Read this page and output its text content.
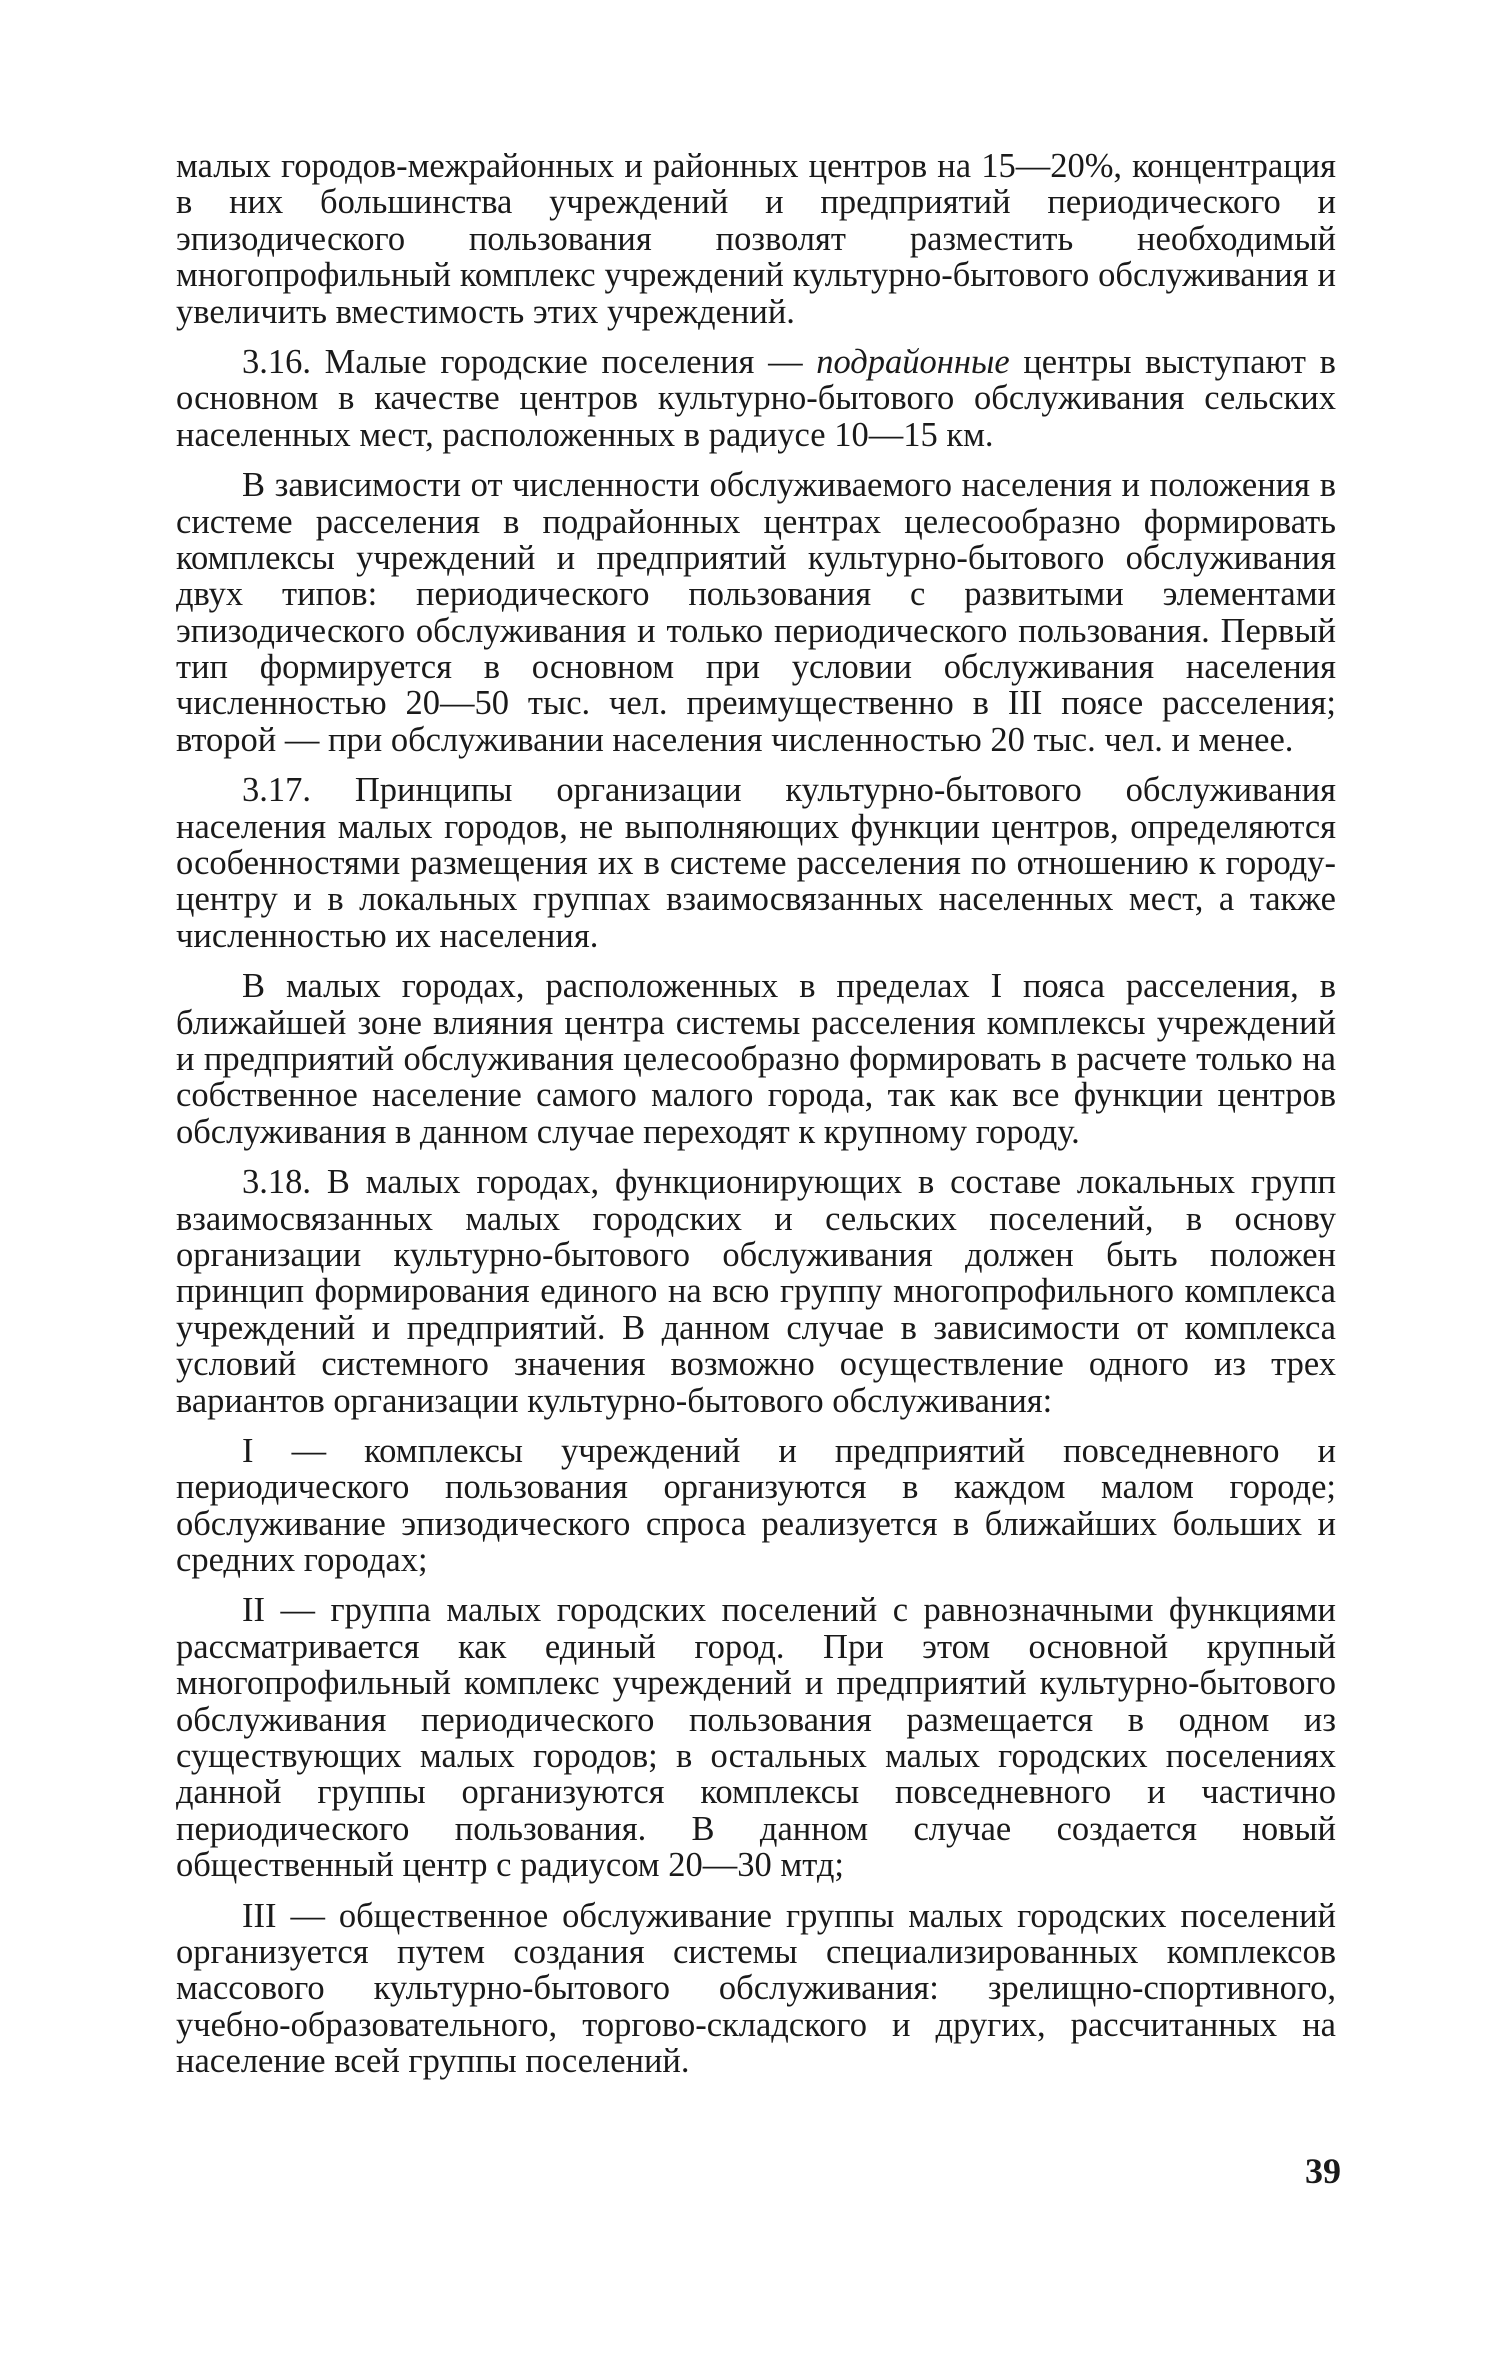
малых городов-межрайонных и районных центров на 15—20%, концентрация в них большинства учреждений и предприятий периодического и эпизодического пользования позволят разместить необходимый многопрофильный комплекс учреждений культурно-бытового обслуживания и увеличить вместимость этих учреждений.

3.16. Малые городские поселения — подрайонные центры выступают в основном в качестве центров культурно-бытового обслуживания сельских населенных мест, расположенных в радиусе 10—15 км.

В зависимости от численности обслуживаемого населения и положения в системе расселения в подрайонных центрах целесообразно формировать комплексы учреждений и предприятий культурно-бытового обслуживания двух типов: периодического пользования с развитыми элементами эпизодического обслуживания и только периодического пользования. Первый тип формируется в основном при условии обслуживания населения численностью 20—50 тыс. чел. преимущественно в III поясе расселения; второй — при обслуживании населения численностью 20 тыс. чел. и менее.

3.17. Принципы организации культурно-бытового обслуживания населения малых городов, не выполняющих функции центров, определяются особенностями размещения их в системе расселения по отношению к городу-центру и в локальных группах взаимосвязанных населенных мест, а также численностью их населения.

В малых городах, расположенных в пределах I пояса расселения, в ближайшей зоне влияния центра системы расселения комплексы учреждений и предприятий обслуживания целесообразно формировать в расчете только на собственное население самого малого города, так как все функции центров обслуживания в данном случае переходят к крупному городу.

3.18. В малых городах, функционирующих в составе локальных групп взаимосвязанных малых городских и сельских поселений, в основу организации культурно-бытового обслуживания должен быть положен принцип формирования единого на всю группу многопрофильного комплекса учреждений и предприятий. В данном случае в зависимости от комплекса условий системного значения возможно осуществление одного из трех вариантов организации культурно-бытового обслуживания:

I — комплексы учреждений и предприятий повседневного и периодического пользования организуются в каждом малом городе; обслуживание эпизодического спроса реализуется в ближайших больших и средних городах;

II — группа малых городских поселений с равнозначными функциями рассматривается как единый город. При этом основной крупный многопрофильный комплекс учреждений и предприятий культурно-бытового обслуживания периодического пользования размещается в одном из существующих малых городов; в остальных малых городских поселениях данной группы организуются комплексы повседневного и частично периодического пользования. В данном случае создается новый общественный центр с радиусом 20—30 мтд;

III — общественное обслуживание группы малых городских поселений организуется путем создания системы специализированных комплексов массового культурно-бытового обслуживания: зрелищно-спортивного, учебно-образовательного, торгово-складского и других, рассчитанных на население всей группы поселений.

39
